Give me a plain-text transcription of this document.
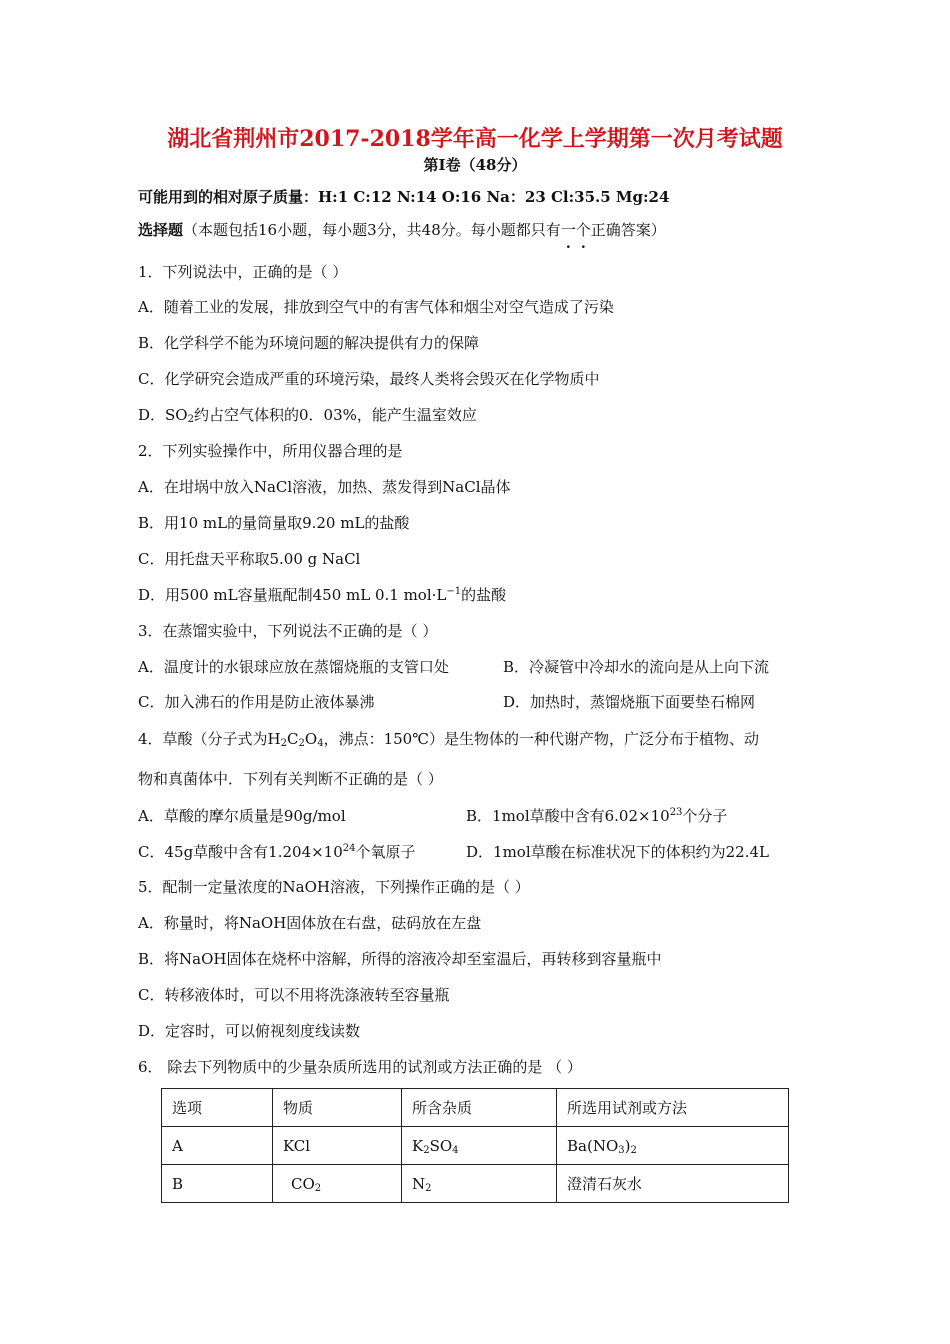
湖北省荆州市2017-2018学年高一化学上学期第一次月考试题
第Ⅰ卷（48分）
可能用到的相对原子质量：H:1 C:12 N:14 O:16 Na：23 Cl:35.5 Mg:24
选择题（本题包括16小题，每小题3分，共48分。每小题都只有一个正确答案）
1．下列说法中，正确的是（ ）
A．随着工业的发展，排放到空气中的有害气体和烟尘对空气造成了污染
B．化学科学不能为环境问题的解决提供有力的保障
C．化学研究会造成严重的环境污染，最终人类将会毁灭在化学物质中
D．$SO_2$约占空气体积的0．03%，能产生温室效应
2．下列实验操作中，所用仪器合理的是
A．在坩埚中放入NaCl溶液，加热、蒸发得到NaCl晶体
B．用10 mL的量筒量取9.20 mL的盐酸
C．用托盘天平称取5.00 g NaCl
D．用500 mL容量瓶配制450 mL 0.1 $mol\cdot L^{-1}$的盐酸
3．在蒸馏实验中，下列说法不正确的是（ ）
A．温度计的水银球应放在蒸馏烧瓶的支管口处	B．冷凝管中冷却水的流向是从上向下流
C．加入沸石的作用是防止液体暴沸	D．加热时，蒸馏烧瓶下面要垫石棉网
4．草酸（分子式为$H_2C_2O_4$，沸点：150℃）是生物体的一种代谢产物，广泛分布于植物、动
物和真菌体中．下列有关判断不正确的是（ ）
A．草酸的摩尔质量是90g/mol	B．1mol草酸中含有$6.02\times 10^{23}$个分子
C．45g草酸中含有$1.204\times 10^{24}$个氧原子	D．1mol草酸在标准状况下的体积约为22.4L
5．配制一定量浓度的NaOH溶液，下列操作正确的是（ ）
A．称量时，将NaOH固体放在右盘，砝码放在左盘
B．将NaOH固体在烧杯中溶解，所得的溶液冷却至室温后，再转移到容量瓶中
C．转移液体时，可以不用将洗涤液转至容量瓶
D．定容时，可以俯视刻度线读数
6． 除去下列物质中的少量杂质所选用的试剂或方法正确的是 （ ）
选项	物质	所含杂质	所选用试剂或方法
A	KCl	$K_2SO_4$	$Ba(NO_3)_2$
B	$CO_2$	$N_2$	澄清石灰水
